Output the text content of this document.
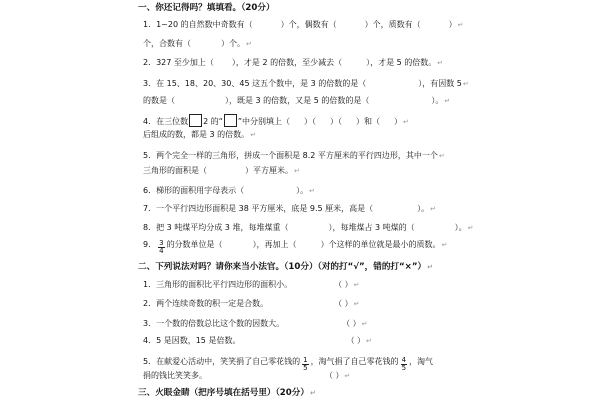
一、你还记得吗？填填看。（20分）
1．1~20 的自然数中奇数有（	）个，偶数有（	）个，质数有（	）↵
个，合数有（	）个。↵
2．327 至少加上（ ），才是 2 的倍数，至少减去（	），才是 5 的倍数。↵
3．在 15、18、20、30、45 这五个数中，是 3 的倍数的是（	），有因数 5↵
的数是（	），既是 3 的倍数，又是 5 的倍数的是（	）。↵
4．在三位数 2 的“ ”中分别填上（ ）（ ）（ ）和（ ）↵
后组成的数，都是 3 的倍数。↵
5．两个完全一样的三角形，拼成一个面积是 8.2 平方厘米的平行四边形，其中一个↵
三角形的面积是（	）平方厘米。↵
6．梯形的面积用字母表示（	）。↵
7．一个平行四边形面积是 38 平方厘米，底是 9.5 厘米，高是（	）。↵
8．把 3 吨煤平均分成 3 堆，每堆煤重（	），每堆煤占 3 吨煤的（	）。↵
9． $\frac{3}{4}$ 的分数单位是（	），再加上（	）个这样的单位就是最小的质数。↵
二、下列说法对吗？请你来当小法官。（10分）（对的打“√”，错的打“×”）↵
1．三角形的面积比平行四边形的面积小。	（ ）↵
2．两个连续奇数的积一定是合数。	（ ）↵
3．一个数的倍数总比这个数的因数大。	（ ）↵
4．5 是因数，15 是倍数。	（ ）↵
5．在献爱心活动中，笑笑捐了自己零花钱的 $\frac{1}{5}$ ，淘气捐了自己零花钱的 $\frac{4}{5}$ ，淘气
捐的钱比笑笑多。	（ ）↵
三、火眼金睛（把序号填在括号里）（20分）↵
